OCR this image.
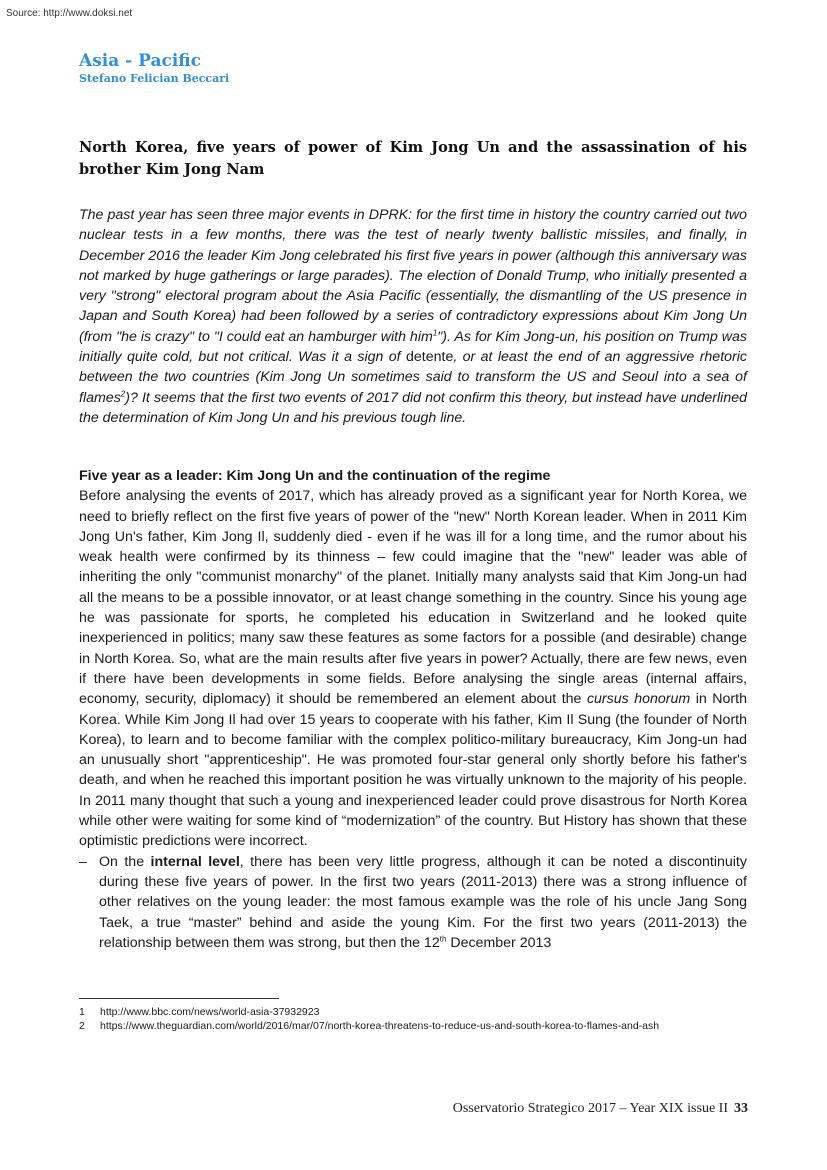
Source: http://www.doksi.net
Asia - Pacific
Stefano Felician Beccari
North Korea, five years of power of Kim Jong Un and the assassination of his brother Kim Jong Nam

The past year has seen three major events in DPRK: for the first time in history the country carried out two nuclear tests in a few months, there was the test of nearly twenty ballistic missiles, and finally, in December 2016 the leader Kim Jong celebrated his first five years in power (although this anniversary was not marked by huge gatherings or large parades). The election of Donald Trump, who initially presented a very "strong" electoral program about the Asia Pacific (essentially, the dismantling of the US presence in Japan and South Korea) had been followed by a series of contradictory expressions about Kim Jong Un (from "he is crazy" to "I could eat an hamburger with him$^1$"). As for Kim Jong-un, his position on Trump was initially quite cold, but not critical. Was it a sign of detente, or at least the end of an aggressive rhetoric between the two countries (Kim Jong Un sometimes said to transform the US and Seoul into a sea of flames$^2$)? It seems that the first two events of 2017 did not confirm this theory, but instead have underlined the determination of Kim Jong Un and his previous tough line.

Five year as a leader: Kim Jong Un and the continuation of the regime

Before analysing the events of 2017, which has already proved as a significant year for North Korea, we need to briefly reflect on the first five years of power of the "new" North Korean leader. When in 2011 Kim Jong Un's father, Kim Jong Il, suddenly died - even if he was ill for a long time, and the rumor about his weak health were confirmed by its thinness – few could imagine that the "new" leader was able of inheriting the only "communist monarchy" of the planet. Initially many analysts said that Kim Jong-un had all the means to be a possible innovator, or at least change something in the country. Since his young age he was passionate for sports, he completed his education in Switzerland and he looked quite inexperienced in politics; many saw these features as some factors for a possible (and desirable) change in North Korea. So, what are the main results after five years in power? Actually, there are few news, even if there have been developments in some fields. Before analysing the single areas (internal affairs, economy, security, diplomacy) it should be remembered an element about the cursus honorum in North Korea. While Kim Jong Il had over 15 years to cooperate with his father, Kim Il Sung (the founder of North Korea), to learn and to become familiar with the complex politico-military bureaucracy, Kim Jong-un had an unusually short "apprenticeship". He was promoted four-star general only shortly before his father's death, and when he reached this important position he was virtually unknown to the majority of his people. In 2011 many thought that such a young and inexperienced leader could prove disastrous for North Korea while other were waiting for some kind of “modernization” of the country. But History has shown that these optimistic predictions were incorrect.

– On the internal level, there has been very little progress, although it can be noted a discontinuity during these five years of power. In the first two years (2011-2013) there was a strong influence of other relatives on the young leader: the most famous example was the role of his uncle Jang Song Taek, a true “master” behind and aside the young Kim. For the first two years (2011-2013) the relationship between them was strong, but then the 12th December 2013

1	http://www.bbc.com/news/world-asia-37932923
2	https://www.theguardian.com/world/2016/mar/07/north-korea-threatens-to-reduce-us-and-south-korea-to-flames-and-ash
Osservatorio Strategico 2017 – Year XIX issue II 33
